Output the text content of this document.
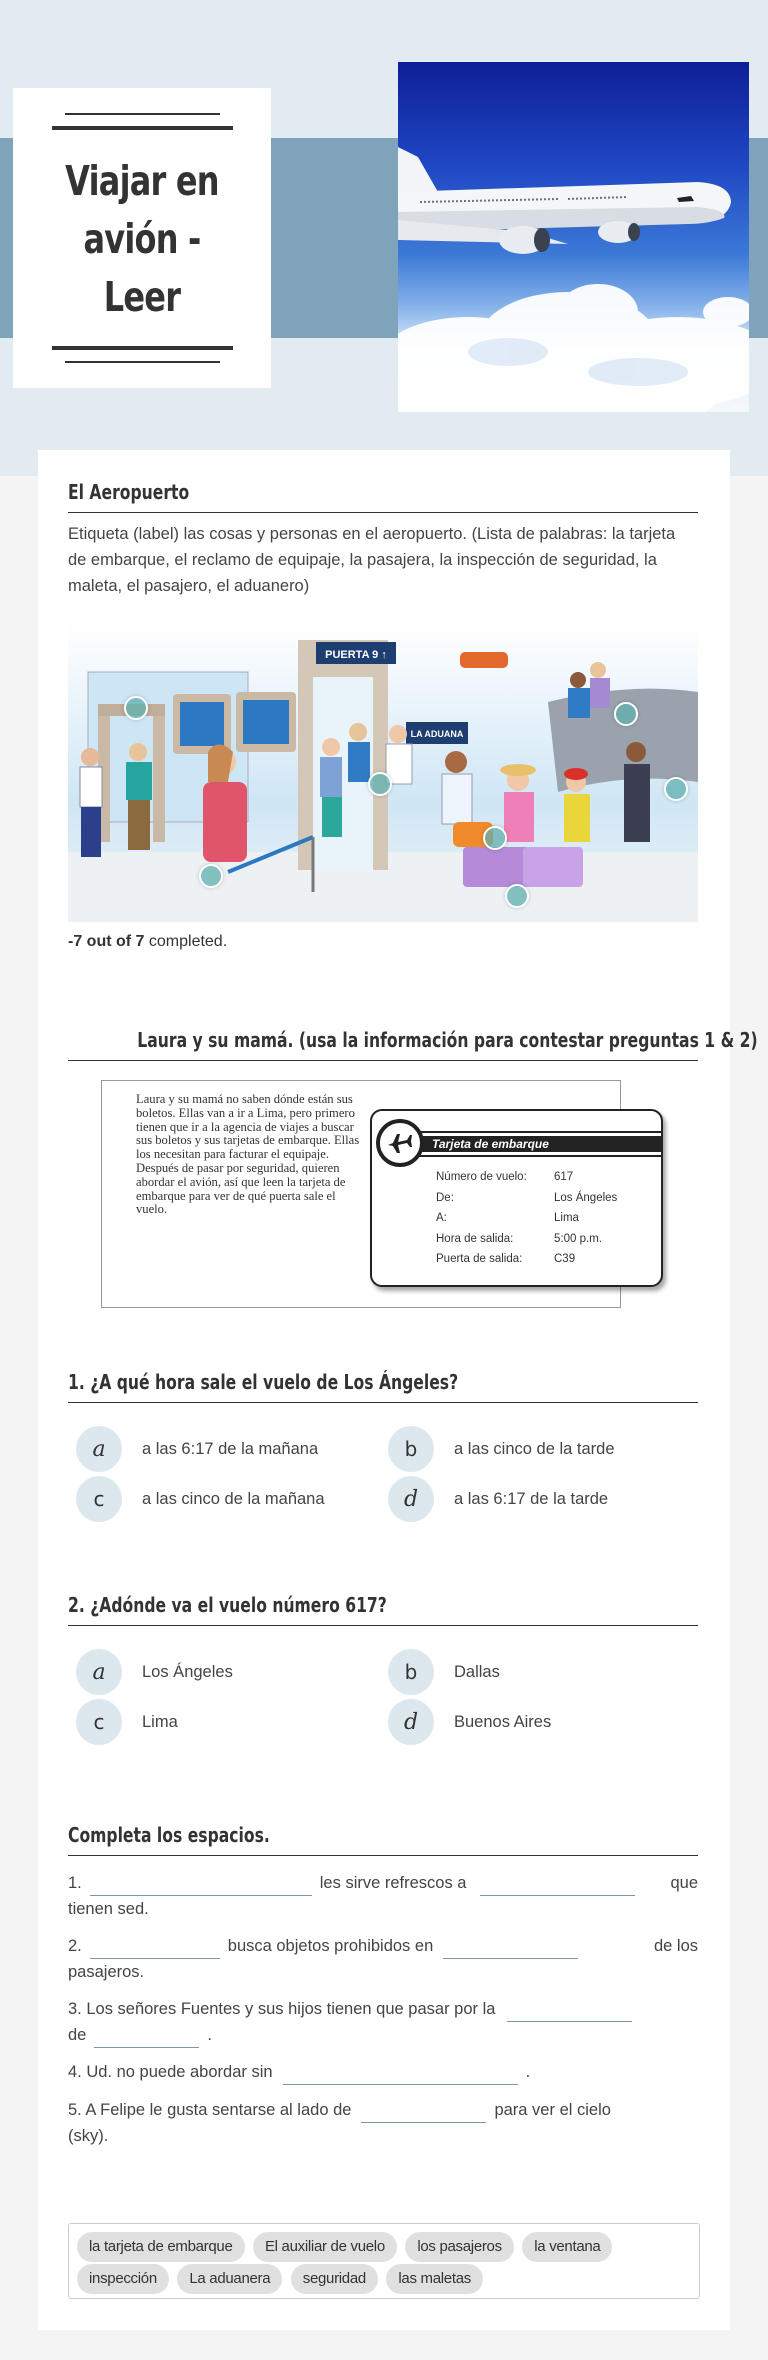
Viajar en avión -
Leer
El Aeropuerto
Etiqueta (label) las cosas y personas en el aeropuerto. (Lista de palabras: la tarjeta de embarque, el reclamo de equipaje, la pasajera, la inspección de seguridad, la maleta, el pasajero, el aduanero)
PUERTA 9 ↑
LA ADUANA
-7 out of 7 completed.
Laura y su mamá. (usa la información para contestar preguntas 1 & 2)
Laura y su mamá no saben dónde están sus boletos. Ellas van a ir a Lima, pero primero tienen que ir a la agencia de viajes a buscar sus boletos y sus tarjetas de embarque. Ellas los necesitan para facturar el equipaje. Después de pasar por seguridad, quieren abordar el avión, así que leen la tarjeta de embarque para ver de qué puerta sale el vuelo.
Tarjeta de embarque
Número de vuelo:	617
De:	Los Ángeles
A:	Lima
Hora de salida:	5:00 p.m.
Puerta de salida:	C39
1. ¿A qué hora sale el vuelo de Los Ángeles?
a	a las 6:17 de la mañana	b	a las cinco de la tarde
c	a las cinco de la mañana	d	a las 6:17 de la tarde
2. ¿Adónde va el vuelo número 617?
a	Los Ángeles	b	Dallas
c	Lima	d	Buenos Aires
Completa los espacios.
1.	les sirve refrescos a	que

tienen sed.
2.	busca objetos prohibidos en	de los

pasajeros.
3. Los señores Fuentes y sus hijos tienen que pasar por la
de	.
4. Ud. no puede abordar sin	.
5. A Felipe le gusta sentarse al lado de	para ver el cielo
(sky).
la tarjeta de embarque El auxiliar de vuelo los pasajeros la ventana inspección La aduanera seguridad las maletas
